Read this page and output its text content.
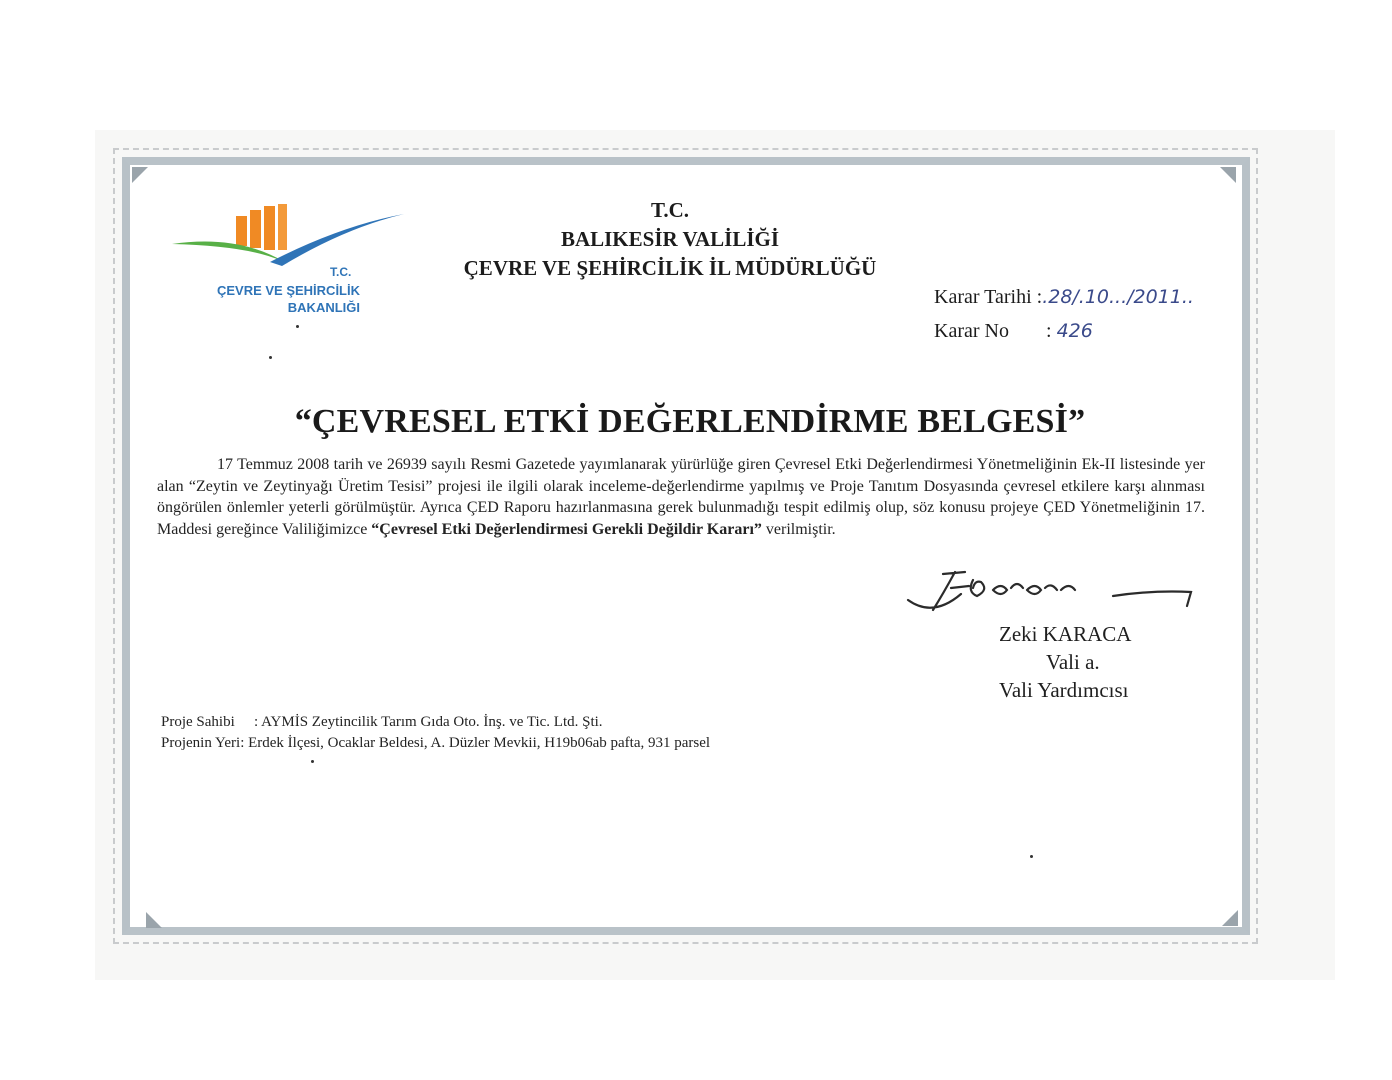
T.C.
ÇEVRE VE ŞEHİRCİLİK
BAKANLIĞI
T.C.
BALIKESİR VALİLİĞİ
ÇEVRE VE ŞEHİRCİLİK İL MÜDÜRLÜĞÜ
Karar Tarihi :.28/.10.../2011..
Karar No : 426
“ÇEVRESEL ETKİ DEĞERLENDİRME BELGESİ”
17 Temmuz 2008 tarih ve 26939 sayılı Resmi Gazetede yayımlanarak yürürlüğe giren Çevresel Etki Değerlendirmesi Yönetmeliğinin Ek-II listesinde yer alan “Zeytin ve Zeytinyağı Üretim Tesisi” projesi ile ilgili olarak inceleme-değerlendirme yapılmış ve Proje Tanıtım Dosyasında çevresel etkilere karşı alınması öngörülen önlemler yeterli görülmüştür. Ayrıca ÇED Raporu hazırlanmasına gerek bulunmadığı tespit edilmiş olup, söz konusu projeye ÇED Yönetmeliğinin 17. Maddesi gereğince Valiliğimizce “Çevresel Etki Değerlendirmesi Gerekli Değildir Kararı” verilmiştir.
Zeki KARACA
Vali a.
Vali Yardımcısı
Proje Sahibi : AYMİS Zeytincilik Tarım Gıda Oto. İnş. ve Tic. Ltd. Şti.
Projenin Yeri: Erdek İlçesi, Ocaklar Beldesi, A. Düzler Mevkii, H19b06ab pafta, 931 parsel
